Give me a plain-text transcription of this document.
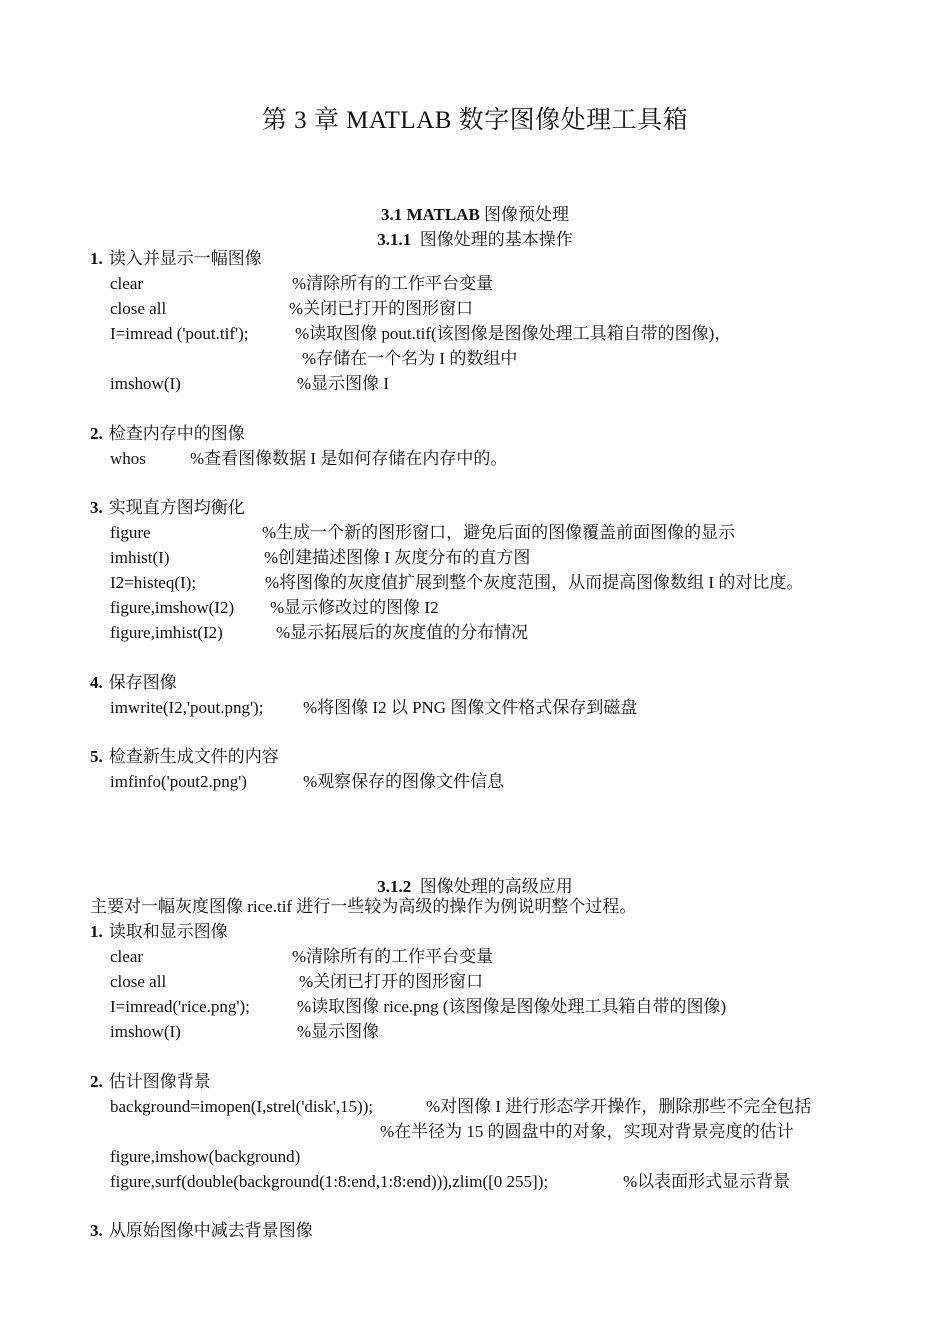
第 3 章 MATLAB 数字图像处理工具箱
3.1 MATLAB 图像预处理
3.1.1 图像处理的基本操作
1. 读入并显示一幅图像
clear	%清除所有的工作平台变量
close all	%关闭已打开的图形窗口
I=imread ('pout.tif');	%读取图像 pout.tif(该图像是图像处理工具箱自带的图像)，
%存储在一个名为 I 的数组中
imshow(I)	%显示图像 I
2. 检查内存中的图像
whos	%查看图像数据 I 是如何存储在内存中的。
3. 实现直方图均衡化
figure	%生成一个新的图形窗口，避免后面的图像覆盖前面图像的显示
imhist(I)	%创建描述图像 I 灰度分布的直方图
I2=histeq(I);	%将图像的灰度值扩展到整个灰度范围，从而提高图像数组 I 的对比度。
figure,imshow(I2) %显示修改过的图像 I2
figure,imhist(I2)	%显示拓展后的灰度值的分布情况
4. 保存图像
imwrite(I2,'pout.png'); %将图像 I2 以 PNG 图像文件格式保存到磁盘
5. 检查新生成文件的内容
imfinfo('pout2.png')	%观察保存的图像文件信息
3.1.2 图像处理的高级应用
主要对一幅灰度图像 rice.tif 进行一些较为高级的操作为例说明整个过程。
1. 读取和显示图像
clear	%清除所有的工作平台变量
close all	%关闭已打开的图形窗口
I=imread('rice.png');	%读取图像 rice.png (该图像是图像处理工具箱自带的图像)
imshow(I)	%显示图像
2. 估计图像背景
background=imopen(I,strel('disk',15));	%对图像 I 进行形态学开操作，删除那些不完全包括
%在半径为 15 的圆盘中的对象，实现对背景亮度的估计
figure,imshow(background)
figure,surf(double(background(1:8:end,1:8:end))),zlim([0 255]);	%以表面形式显示背景
3. 从原始图像中减去背景图像
